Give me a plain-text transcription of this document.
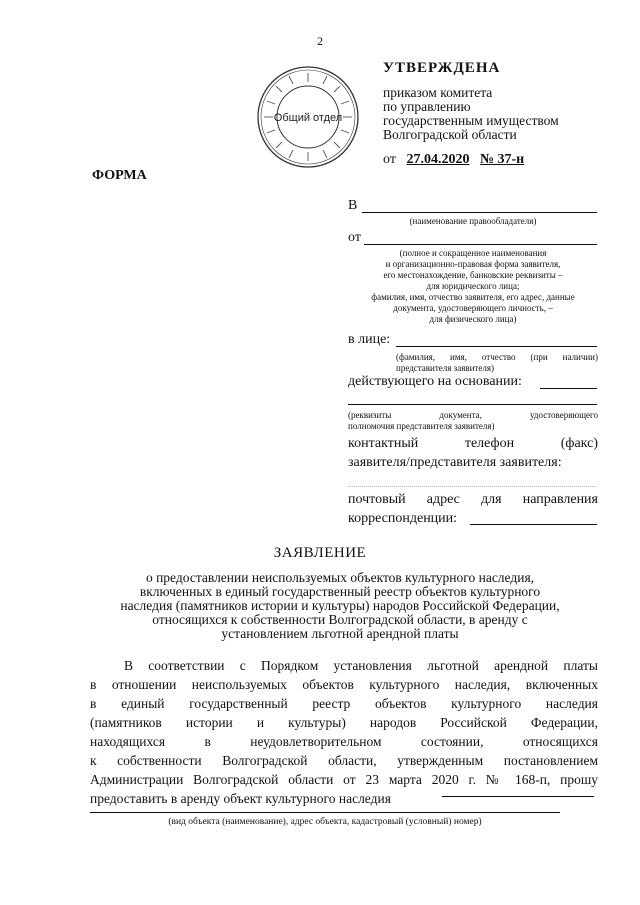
2
Общий отдел
УТВЕРЖДЕНА
приказом комитета
по управлению
государственным имуществом
Волгоградской области
от 27.04.2020 № 37-н
ФОРМА
В
(наименование правообладателя)
от
(полное и сокращенное наименования
и организационно-правовая форма заявителя,
его местонахождение, банковские реквизиты –
для юридического лица;
фамилия, имя, отчество заявителя, его адрес, данные
документа, удостоверяющего личность, –
для физического лица)
в лице:
(фамилия, имя, отчество (при наличии)
представителя заявителя)
действующего на основании:
(реквизиты документа, удостоверяющего
полномочия представителя заявителя)
контактный телефон (факс)
заявителя/представителя заявителя:
почтовый адрес для направления
корреспонденции:
ЗАЯВЛЕНИЕ
о предоставлении неиспользуемых объектов культурного наследия,
включенных в единый государственный реестр объектов культурного
наследия (памятников истории и культуры) народов Российской Федерации,
относящихся к собственности Волгоградской области, в аренду с
установлением льготной арендной платы
В соответствии с Порядком установления льготной арендной платы
в отношении неиспользуемых объектов культурного наследия, включенных
в единый государственный реестр объектов культурного наследия
(памятников истории и культуры) народов Российской Федерации,
находящихся в неудовлетворительном состоянии, относящихся
к собственности Волгоградской области, утвержденным постановлением
Администрации Волгоградской области от 23 марта 2020 г. № 168-п, прошу
предоставить в аренду объект культурного наследия
(вид объекта (наименование), адрес объекта, кадастровый (условный) номер)
